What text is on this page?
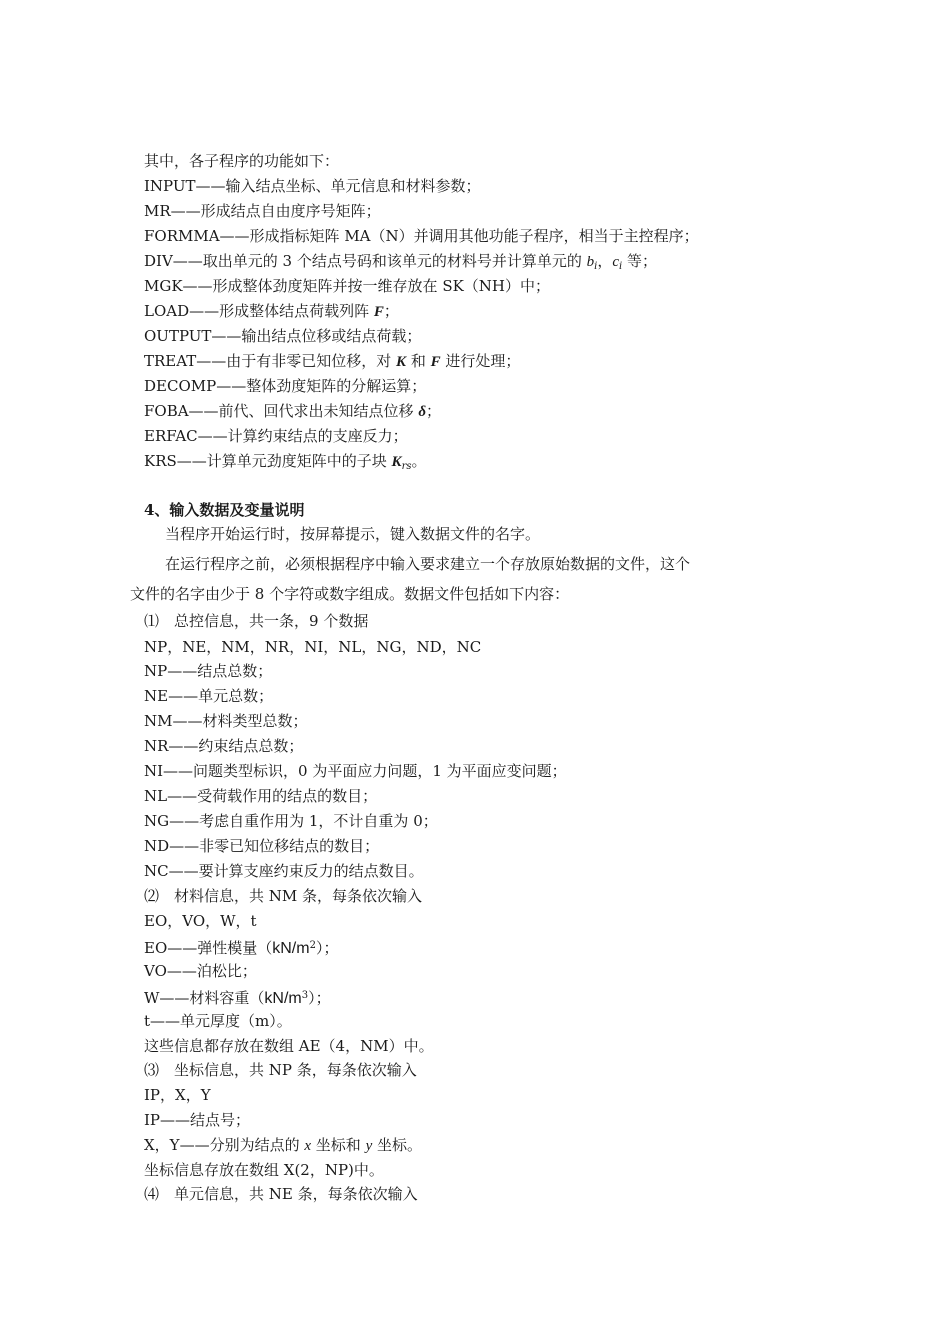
其中，各子程序的功能如下：
INPUT——输入结点坐标、单元信息和材料参数；
MR——形成结点自由度序号矩阵；
FORMMA——形成指标矩阵 MA（N）并调用其他功能子程序，相当于主控程序；
DIV——取出单元的 3 个结点号码和该单元的材料号并计算单元的 $b_i$，$c_i$ 等；
MGK——形成整体劲度矩阵并按一维存放在 SK（NH）中；
LOAD——形成整体结点荷载列阵 F；
OUTPUT——输出结点位移或结点荷载；
TREAT——由于有非零已知位移，对 K 和 F 进行处理；
DECOMP——整体劲度矩阵的分解运算；
FOBA——前代、回代求出未知结点位移 δ；
ERFAC——计算约束结点的支座反力；
KRS——计算单元劲度矩阵中的子块 $K_{rs}$。
4、输入数据及变量说明
当程序开始运行时，按屏幕提示，键入数据文件的名字。
在运行程序之前，必须根据程序中输入要求建立一个存放原始数据的文件，这个
文件的名字由少于 8 个字符或数字组成。数据文件包括如下内容：
⑴　总控信息，共一条，9 个数据
NP，NE，NM，NR，NI，NL，NG，ND，NC
NP——结点总数；
NE——单元总数；
NM——材料类型总数；
NR——约束结点总数；
NI——问题类型标识，0 为平面应力问题，1 为平面应变问题；
NL——受荷载作用的结点的数目；
NG——考虑自重作用为 1，不计自重为 0；
ND——非零已知位移结点的数目；
NC——要计算支座约束反力的结点数目。
⑵　材料信息，共 NM 条，每条依次输入
EO，VO，W，t
EO——弹性模量$(kN/m^2)$；
VO——泊松比；
W——材料容重$(kN/m^3)$；
t——单元厚度（m）。
这些信息都存放在数组 AE（4，NM）中。
⑶　坐标信息，共 NP 条，每条依次输入
IP，X，Y
IP——结点号；
X，Y——分别为结点的 x 坐标和 y 坐标。
坐标信息存放在数组 X(2，NP)中。
⑷　单元信息，共 NE 条，每条依次输入
